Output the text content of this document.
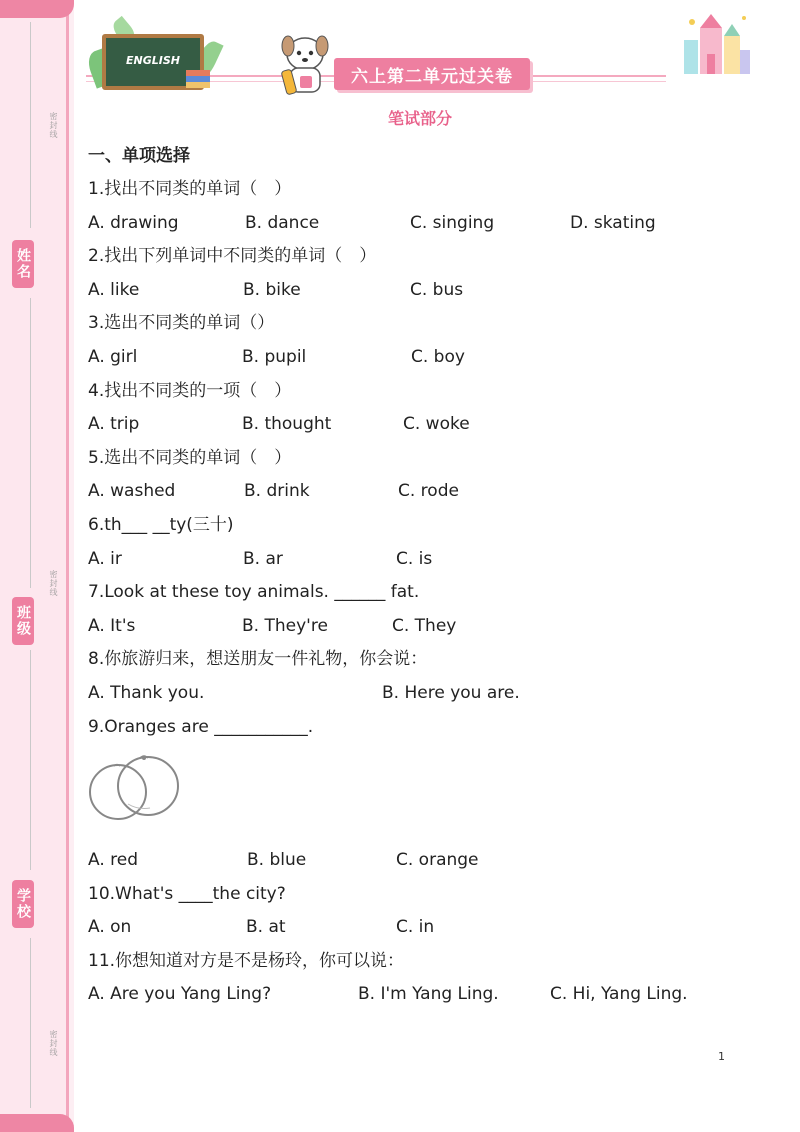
密封线
密封线
密封线
姓名
班级
学校
ENGLISH
六上第二单元过关卷
笔试部分
一、单项选择
1.找出不同类的单词（　）
A. drawing	B. dance	C. singing	D. skating
2.找出下列单词中不同类的单词（　）
A. like	B. bike	C. bus
3.选出不同类的单词（）
A. girl	B. pupil	C. boy
4.找出不同类的一项（　）
A. trip	B. thought	C. woke
5.选出不同类的单词（　）
A. washed	B. drink	C. rode
6.th___ __ty(三十)
A. ir	B. ar	C. is
7.Look at these toy animals. ______ fat.
A. It's	B. They're	C. They
8.你旅游归来，想送朋友一件礼物，你会说：
A. Thank you.	B. Here you are.
9.Oranges are ___________.
A. red	B. blue	C. orange
10.What's ____the city?
A. on	B. at	C. in
11.你想知道对方是不是杨玲，你可以说：
A. Are you Yang Ling?	B. I'm Yang Ling.	C. Hi, Yang Ling.
1
